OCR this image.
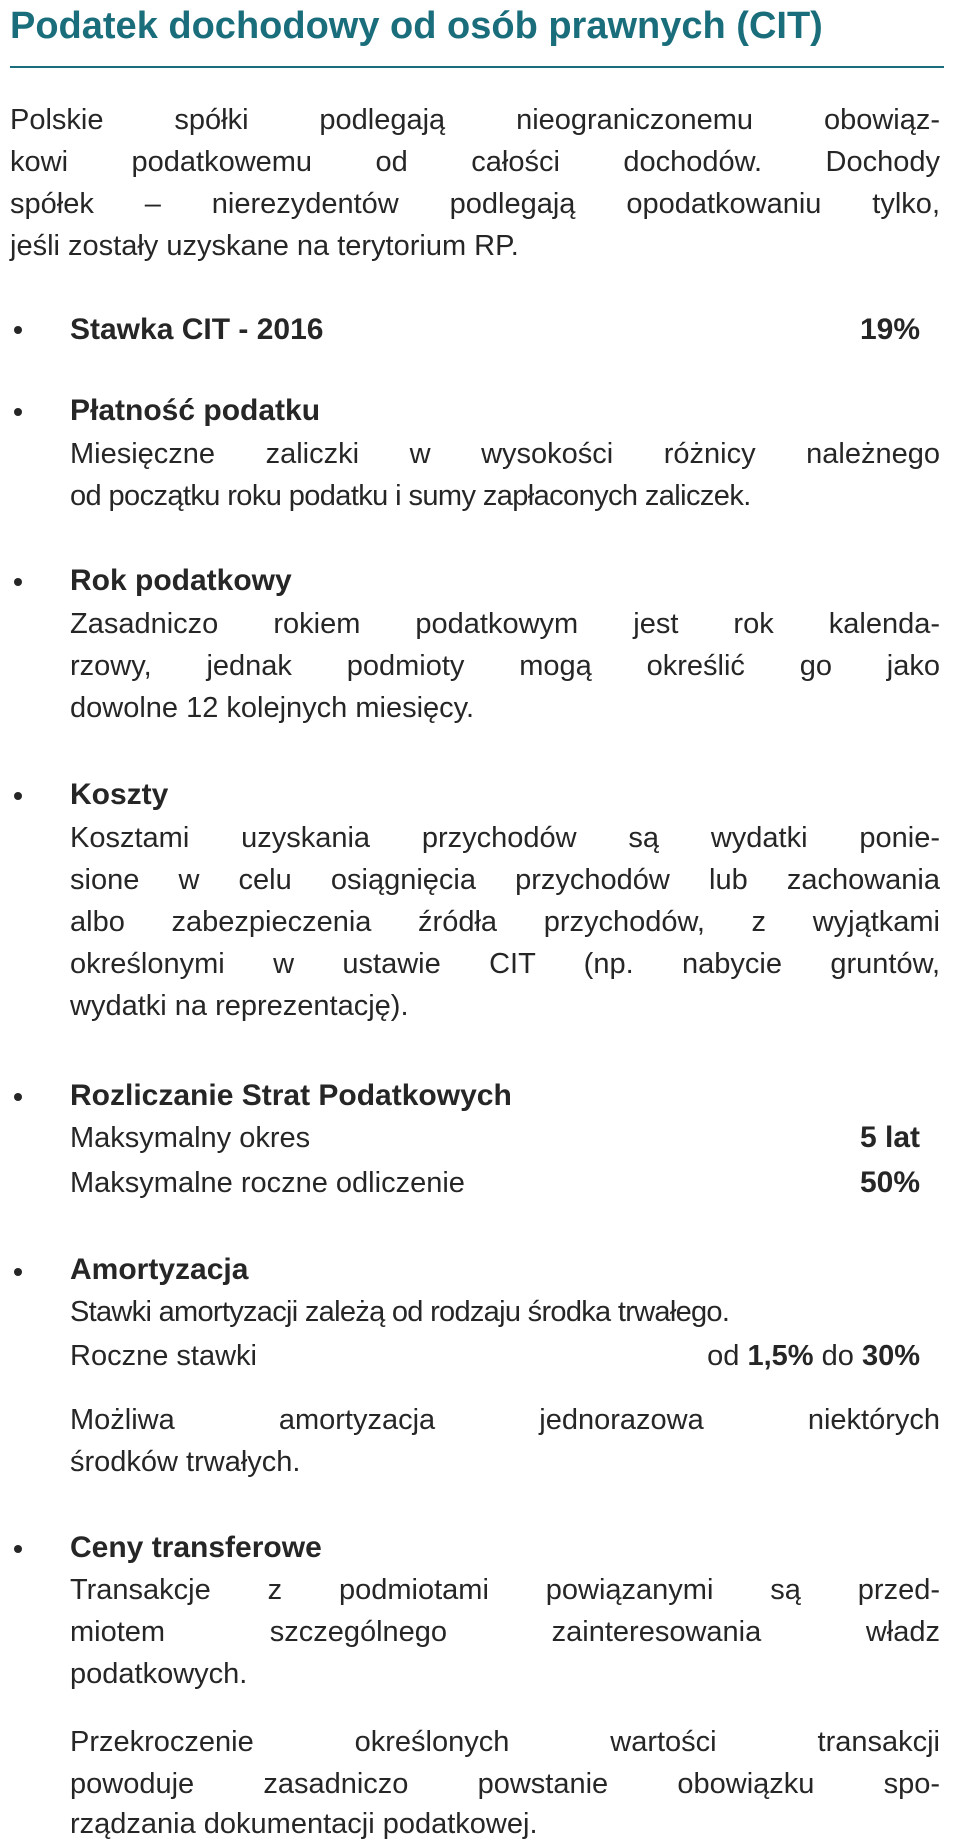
Podatek dochodowy od osób prawnych (CIT)
Polskie spółki podlegają nieograniczonemu obowiąz-
kowi podatkowemu od całości dochodów. Dochody
spółek – nierezydentów podlegają opodatkowaniu tylko,
jeśli zostały uzyskane na terytorium RP.
Stawka CIT - 2016	19%
Płatność podatku
Miesięczne zaliczki w wysokości różnicy należnego
od początku roku podatku i sumy zapłaconych zaliczek.
Rok podatkowy
Zasadniczo rokiem podatkowym jest rok kalenda-
rzowy, jednak podmioty mogą określić go jako
dowolne 12 kolejnych miesięcy.
Koszty
Kosztami uzyskania przychodów są wydatki ponie-
sione w celu osiągnięcia przychodów lub zachowania
albo zabezpieczenia źródła przychodów, z wyjątkami
określonymi w ustawie CIT (np. nabycie gruntów,
wydatki na reprezentację).
Rozliczanie Strat Podatkowych
Maksymalny okres	5 lat
Maksymalne roczne odliczenie	50%
Amortyzacja
Stawki amortyzacji zależą od rodzaju środka trwałego.
Roczne stawki	od 1,5% do 30%
Możliwa amortyzacja jednorazowa niektórych
środków trwałych.
Ceny transferowe
Transakcje z podmiotami powiązanymi są przed-
miotem szczególnego zainteresowania władz
podatkowych.
Przekroczenie określonych wartości transakcji
powoduje zasadniczo powstanie obowiązku spo-
rządzania dokumentacji podatkowej.
